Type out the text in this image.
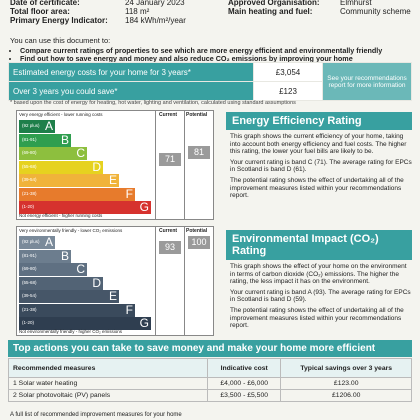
Date of certificate:	24 January 2023
Total floor area:	118 m²
Primary Energy Indicator: 184 kWh/m²/year
Approved Organisation:	Elmhurst
Main heating and fuel:	Community scheme
You can use this document to:
• Compare current ratings of properties to see which are more energy efficient and environmentally friendly
• Find out how to save energy and money and also reduce CO₂ emissions by improving your home
Estimated energy costs for your home for 3 years*	£3,054	See your recommendations report for more information
Over 3 years you could save*	£123	
* based upon the cost of energy for heating, hot water, lighting and ventilation, calculated using standard assumptions
Very energy efficient - lower running costs	Current Potential
(92 plus) A
(81-91) B
(69-80)	C
(55-68)	D
(39-54)	E
(21-38)	F
(1-20)	G
71
81
Not energy efficient - higher running costs
Energy Efficiency Rating

This graph shows the current efficiency of your home, taking into account both energy efficiency and fuel costs. The higher this rating, the lower your fuel bills are likely to be.

Your current rating is band C (71). The average rating for EPCs in Scotland is band D (61).

The potential rating shows the effect of undertaking all of the improvement measures listed within your recommendations report.

Very environmentally friendly - lower CO₂ emissions	Current Potential
(92 plus) A
(81-91) B
(69-80)	C
(55-68)	D
(39-54)	E
(21-38)	F
(1-20)	G
93	100
Not environmentally friendly - higher CO₂ emissions
Environmental Impact (CO₂) Rating

This graph shows the effect of your home on the environment in terms of carbon dioxide (CO₂) emissions. The higher the rating, the less impact it has on the environment.

Your current rating is band A (93). The average rating for EPCs in Scotland is band D (59).

The potential rating shows the effect of undertaking all of the improvement measures listed within your recommendations report.

Top actions you can take to save money and make your home more efficient
Recommended measures	Indicative cost	Typical savings over 3 years
1 Solar water heating	£4,000 - £6,000	£123.00
2 Solar photovoltaic (PV) panels	£3,500 - £5,500	£1206.00
A full list of recommended improvement measures for your home
